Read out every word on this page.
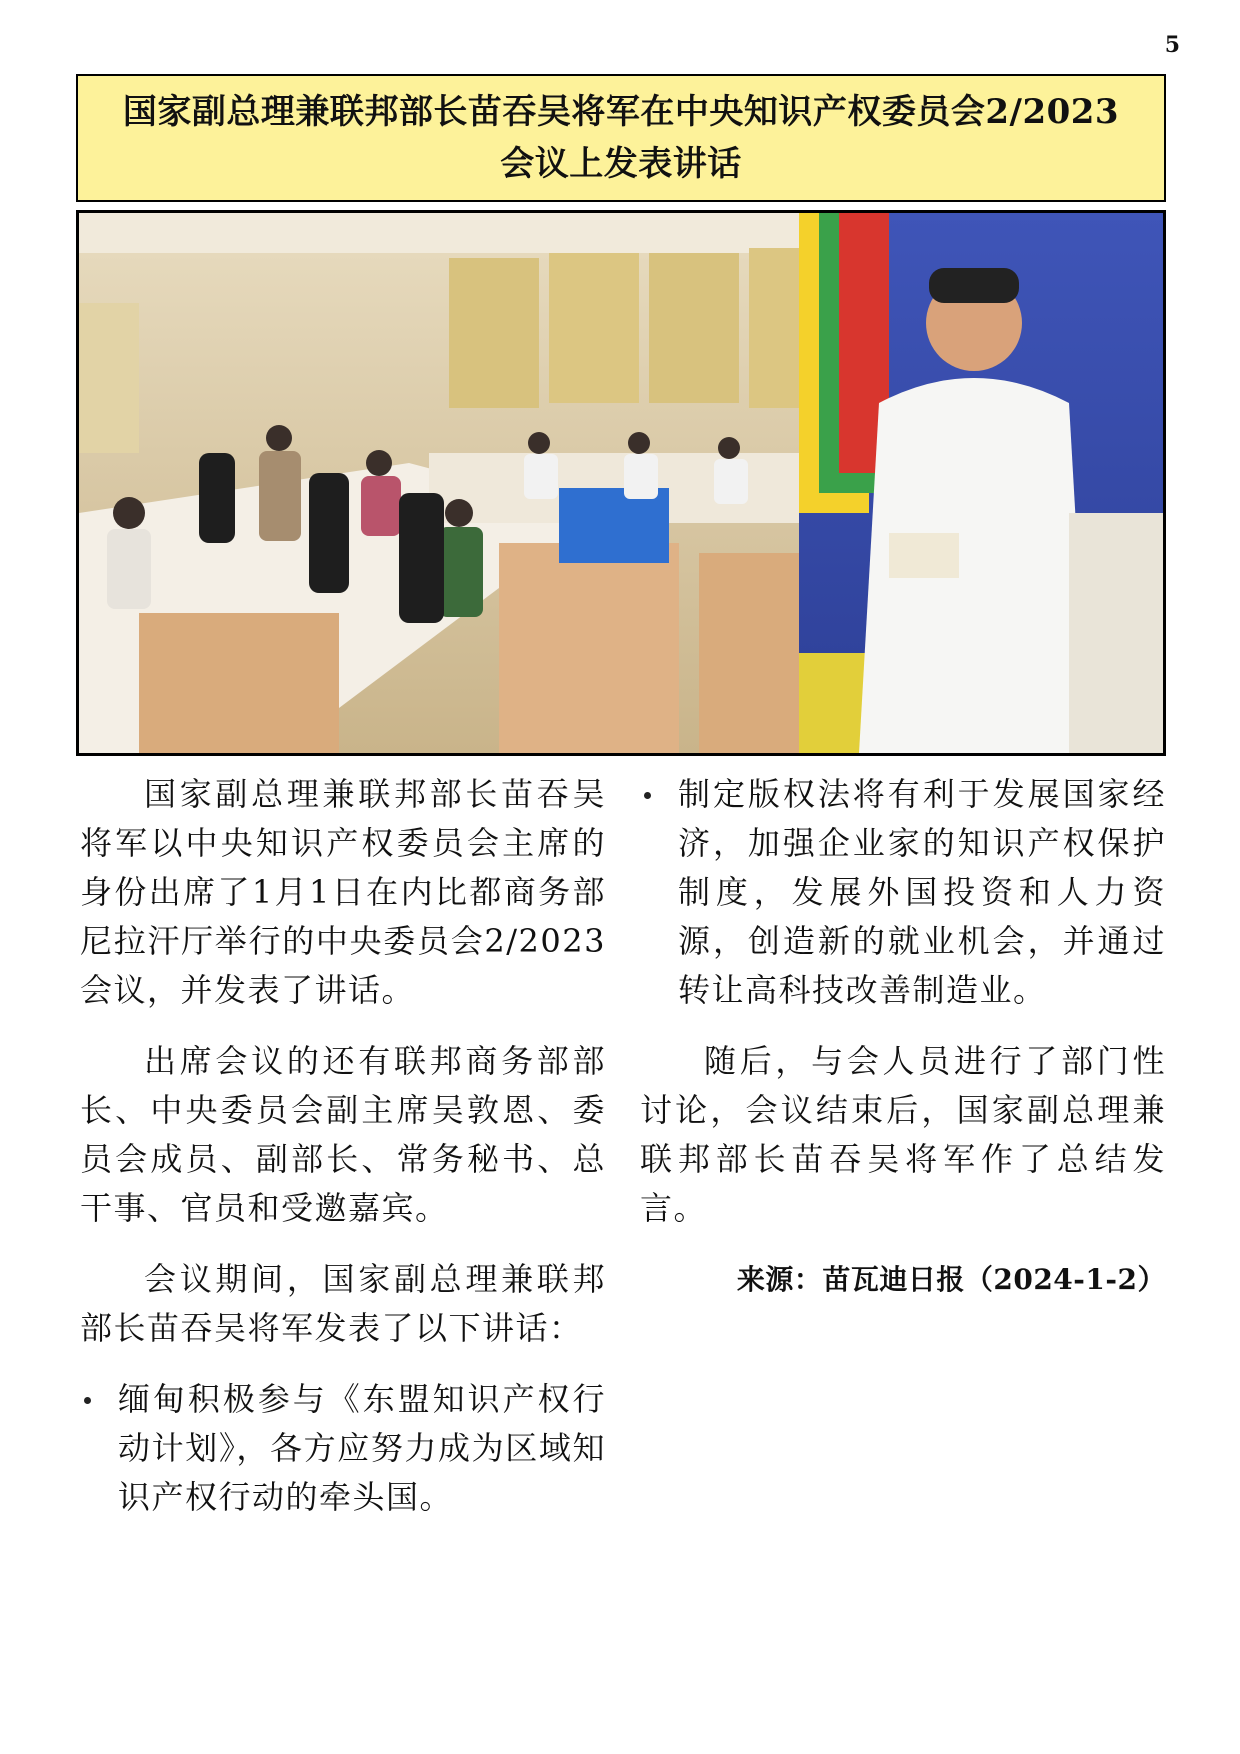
5
国家副总理兼联邦部长苗吞吴将军在中央知识产权委员会2/2023
会议上发表讲话

国家副总理兼联邦部长苗吞吴将军以中央知识产权委员会主席的身份出席了1月1日在内比都商务部尼拉汗厅举行的中央委员会2/2023会议，并发表了讲话。

出席会议的还有联邦商务部部长、中央委员会副主席吴敦恩、委员会成员、副部长、常务秘书、总干事、官员和受邀嘉宾。

会议期间，国家副总理兼联邦部长苗吞吴将军发表了以下讲话：

缅甸积极参与《东盟知识产权行动计划》，各方应努力成为区域知识产权行动的牵头国。
制定版权法将有利于发展国家经济，加强企业家的知识产权保护制度，发展外国投资和人力资源，创造新的就业机会，并通过转让高科技改善制造业。

随后，与会人员进行了部门性讨论，会议结束后，国家副总理兼联邦部长苗吞吴将军作了总结发言。

来源：苗瓦迪日报（2024-1-2）
